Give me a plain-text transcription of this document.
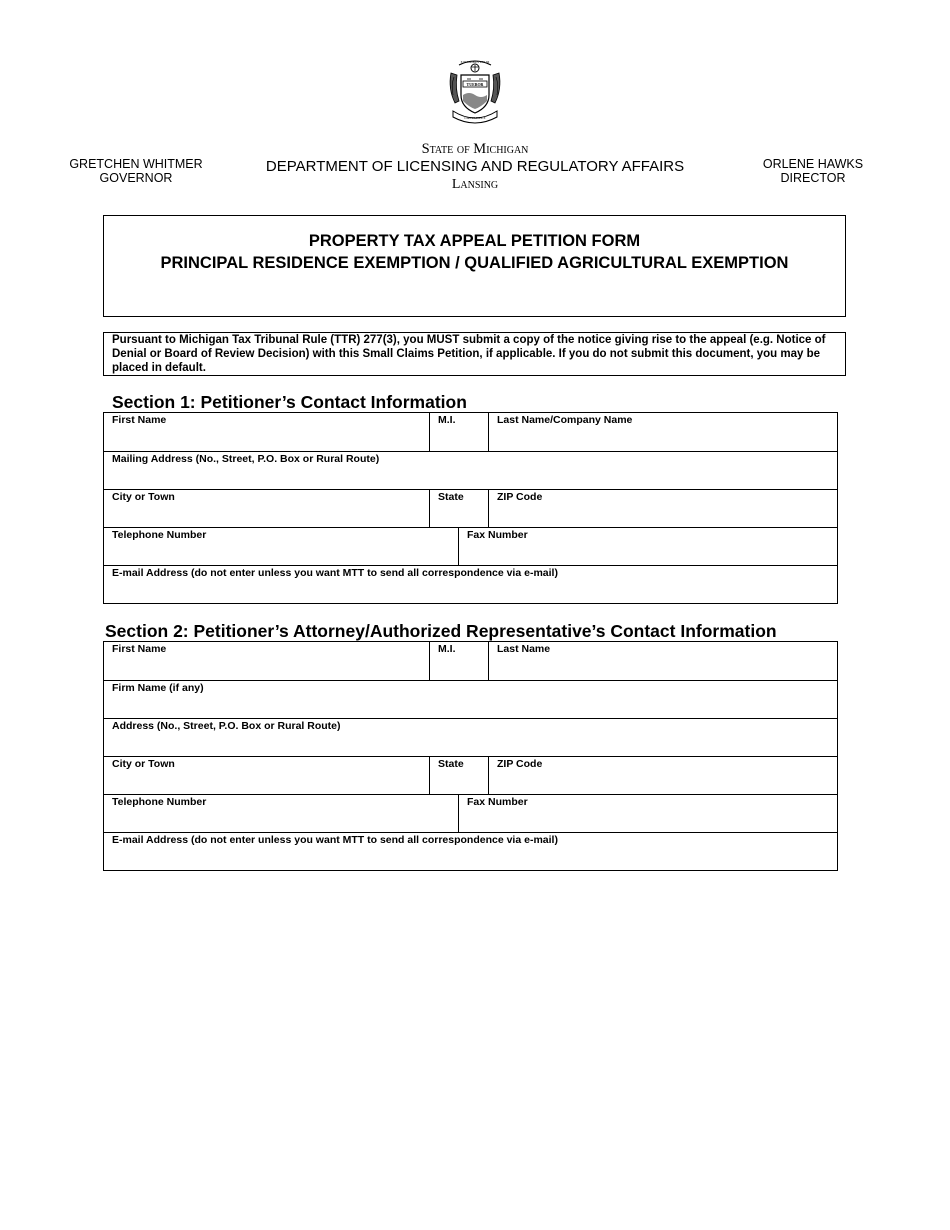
E PLURIBUS UNUM
TUEBOR
CIRCUMSPICE
GRETCHEN WHITMER
GOVERNOR
State of Michigan
DEPARTMENT OF LICENSING AND REGULATORY AFFAIRS
Lansing
ORLENE HAWKS
DIRECTOR
PROPERTY TAX APPEAL PETITION FORM
PRINCIPAL RESIDENCE EXEMPTION / QUALIFIED AGRICULTURAL EXEMPTION
Pursuant to Michigan Tax Tribunal Rule (TTR) 277(3), you MUST submit a copy of the notice giving rise to the appeal (e.g. Notice of Denial or Board of Review Decision) with this Small Claims Petition, if applicable. If you do not submit this document, you may be placed in default.
Section 1: Petitioner’s Contact Information
First Name	M.I.	Last Name/Company Name
Mailing Address (No., Street, P.O. Box or Rural Route)
City or Town	State	ZIP Code
Telephone Number	Fax Number
E-mail Address (do not enter unless you want MTT to send all correspondence via e-mail)
Section 2: Petitioner’s Attorney/Authorized Representative’s Contact Information
First Name	M.I.	Last Name
Firm Name (if any)
Address (No., Street, P.O. Box or Rural Route)
City or Town	State	ZIP Code
Telephone Number	Fax Number
E-mail Address (do not enter unless you want MTT to send all correspondence via e-mail)
